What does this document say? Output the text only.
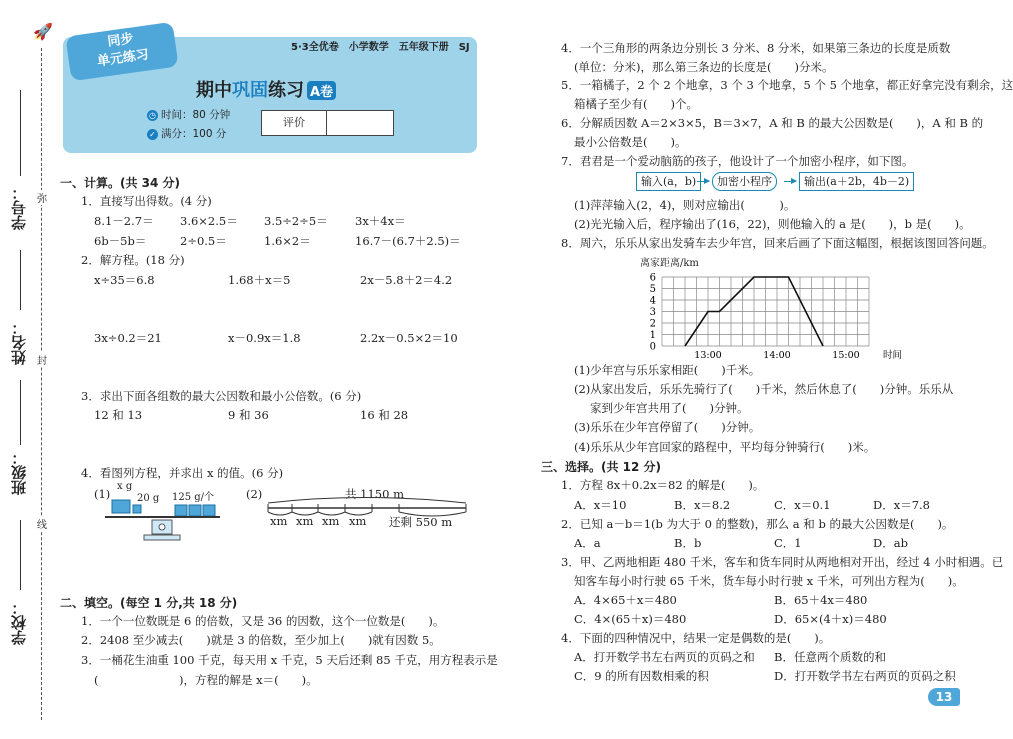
🚀
学号：
姓名：
班级：
学校：
弥
封
线
5·3全优卷　小学数学　五年级下册　SJ
同步
单元练习
期中巩固练习 A卷
◷ 时间：80 分钟
✓ 满分：100 分
评价
一、计算。(共 34 分)
1．直接写出得数。(4 分)
8.1－2.7＝ 3.6×2.5＝ 3.5÷2÷5＝ 3x＋4x＝
6b－5b＝	2÷0.5＝	1.6×2＝	16.7－(6.7＋2.5)＝
2．解方程。(18 分)
x÷35＝6.8	1.68＋x＝5	2x－5.8＋2＝4.2
3x÷0.2＝21	x－0.9x＝1.8	2.2x－0.5×2＝10
3．求出下面各组数的最大公因数和最小公倍数。(6 分)
12 和 13	9 和 36	16 和 28
4．看图列方程，并求出 x 的值。(6 分)
(1)
x g
20 g 125 g/个	(2)	共 1150 m
xm xm xm xm 还剩 550 m
二、填空。(每空 1 分,共 18 分)
1．一个一位数既是 6 的倍数，又是 36 的因数，这个一位数是(　　)。
2．2408 至少减去(　　)就是 3 的倍数，至少加上(　　)就有因数 5。
3．一桶花生油重 100 千克，每天用 x 千克，5 天后还剩 85 千克，用方程表示是
(　　　　　　　)，方程的解是 x＝(　　)。
4．一个三角形的两条边分别长 3 分米、8 分米，如果第三条边的长度是质数
(单位：分米)，那么第三条边的长度是(　　)分米。
5．一箱橘子，2 个 2 个地拿，3 个 3 个地拿，5 个 5 个地拿，都正好拿完没有剩余，这
箱橘子至少有(　　)个。
6．分解质因数 A＝2×3×5，B＝3×7，A 和 B 的最大公因数是(　　)，A 和 B 的
最小公倍数是(　　)。
7．君君是一个爱动脑筋的孩子，他设计了一个加密小程序，如下图。
输入(a，b)	加密小程序	输出(a＋2b，4b－2)
(1)萍萍输入(2，4)，则对应输出(　　　)。
(2)光光输入后，程序输出了(16，22)，则他输入的 a 是(　　)，b 是(　　)。
8．周六，乐乐从家出发骑车去少年宫，回来后画了下面这幅图，根据该图回答问题。
离家距离/km
0
1
2
3
4
5
6
13:00	14:00	15:00 时间
(1)少年宫与乐乐家相距(　　)千米。
(2)从家出发后，乐乐先骑行了(　　)千米，然后休息了(　　)分钟。乐乐从
家到少年宫共用了(　　)分钟。
(3)乐乐在少年宫停留了(　　)分钟。
(4)乐乐从少年宫回家的路程中，平均每分钟骑行(　　)米。
三、选择。(共 12 分)
1．方程 8x＋0.2x＝82 的解是(　　)。
A．x＝10	B．x＝8.2	C．x＝0.1	D．x＝7.8
2．已知 a－b＝1(b 为大于 0 的整数)，那么 a 和 b 的最大公因数是(　　)。
A．a	B．b	C．1	D．ab
3．甲、乙两地相距 480 千米，客车和货车同时从两地相对开出，经过 4 小时相遇。已
知客车每小时行驶 65 千米，货车每小时行驶 x 千米，可列出方程为(　　)。
A．4×65＋x＝480	B．65＋4x＝480
C．4×(65＋x)＝480	D．65×(4＋x)＝480
4．下面的四种情况中，结果一定是偶数的是(　　)。
A．打开数学书左右两页的页码之和 B．任意两个质数的和
C．9 的所有因数相乘的积	D．打开数学书左右两页的页码之积
13
